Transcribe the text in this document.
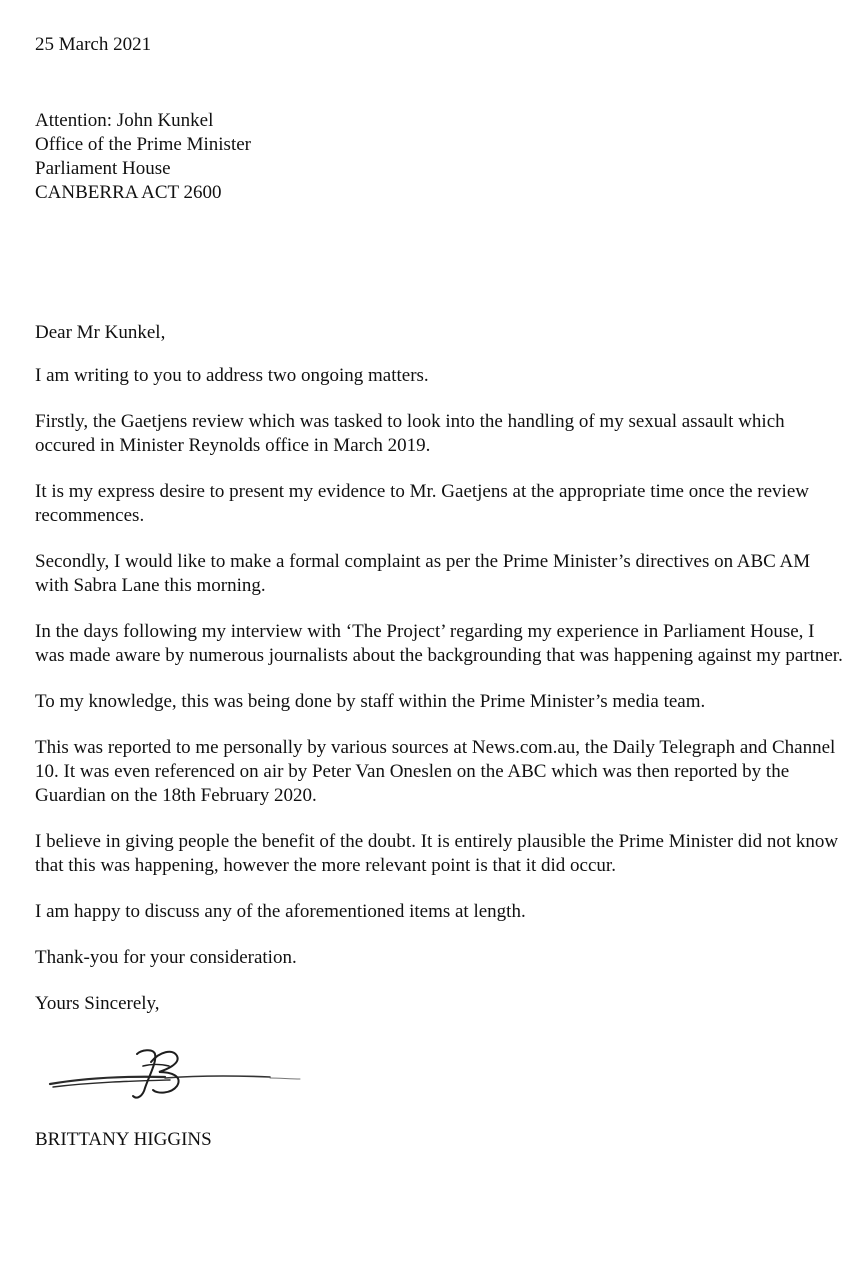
25 March 2021

Attention: John Kunkel
Office of the Prime Minister
Parliament House
CANBERRA ACT 2600

Dear Mr Kunkel,

I am writing to you to address two ongoing matters.

Firstly, the Gaetjens review which was tasked to look into the handling of my sexual assault which occured in Minister Reynolds office in March 2019.

It is my express desire to present my evidence to Mr. Gaetjens at the appropriate time once the review recommences.

Secondly, I would like to make a formal complaint as per the Prime Minister’s directives on ABC AM with Sabra Lane this morning.

In the days following my interview with ‘The Project’ regarding my experience in Parliament House, I was made aware by numerous journalists about the backgrounding that was happening against my partner.

To my knowledge, this was being done by staff within the Prime Minister’s media team.

This was reported to me personally by various sources at News.com.au, the Daily Telegraph and Channel 10. It was even referenced on air by Peter Van Oneslen on the ABC which was then reported by the Guardian on the 18th February 2020.

I believe in giving people the benefit of the doubt. It is entirely plausible the Prime Minister did not know that this was happening, however the more relevant point is that it did occur.

I am happy to discuss any of the aforementioned items at length.

Thank-you for your consideration.

Yours Sincerely,

BRITTANY HIGGINS
